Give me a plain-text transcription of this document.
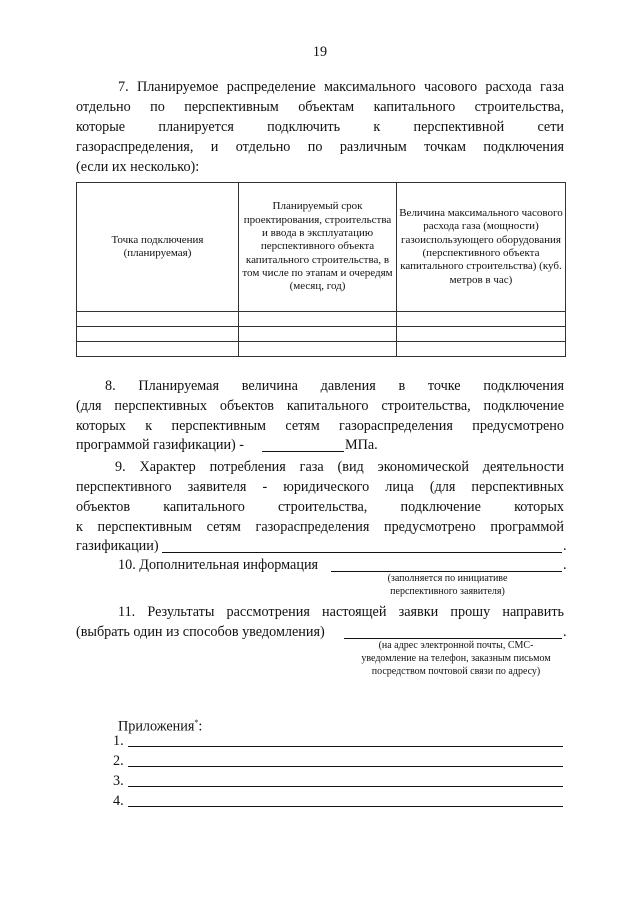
19
7. Планируемое распределение максимального часового расхода газа
отдельно по перспективным объектам капитального строительства,
которые планируется подключить к перспективной сети
газораспределения, и отдельно по различным точкам подключения
(если их несколько):
Точка подключения (планируемая)	Планируемый срок проектирования, строительства и ввода в эксплуатацию перспективного объекта капитального строительства, в том числе по этапам и очередям (месяц, год)	Величина максимального часового расхода газа (мощности) газоиспользующего оборудования (перспективного объекта капитального строительства) (куб. метров в час)

8. Планируемая величина давления в точке подключения
(для перспективных объектов капитального строительства, подключение
которых к перспективным сетям газораспределения предусмотрено
программой газификации) -	МПа.
9. Характер потребления газа (вид экономической деятельности
перспективного заявителя - юридического лица (для перспективных
объектов капитального строительства, подключение которых
к перспективным сетям газораспределения предусмотрено программой
газификации)	.
10. Дополнительная информация	.
(заполняется по инициативе перспективного заявителя)
11. Результаты рассмотрения настоящей заявки прошу направить
(выбрать один из способов уведомления)	.
(на адрес электронной почты, СМС-уведомление на телефон, заказным письмом посредством почтовой связи по адресу)
Приложения*:
1.
2.
3.
4.
